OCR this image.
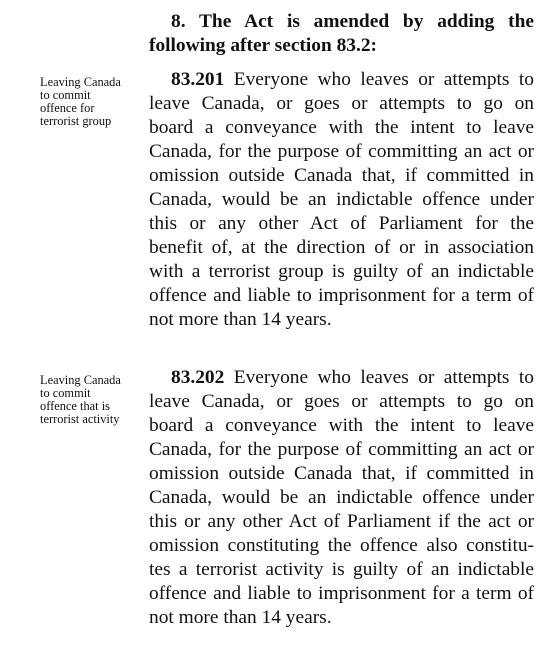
8. The Act is amended by adding the
following after section 83.2:
Leaving Canada
to commit
offence for
terrorist group
83.201 Everyone who leaves or attempts to
leave Canada, or goes or attempts to go on
board a conveyance with the intent to leave
Canada, for the purpose of committing an act or
omission outside Canada that, if committed in
Canada, would be an indictable offence under
this or any other Act of Parliament for the
benefit of, at the direction of or in association
with a terrorist group is guilty of an indictable
offence and liable to imprisonment for a term of
not more than 14 years.
Leaving Canada
to commit
offence that is
terrorist activity
83.202 Everyone who leaves or attempts to
leave Canada, or goes or attempts to go on
board a conveyance with the intent to leave
Canada, for the purpose of committing an act or
omission outside Canada that, if committed in
Canada, would be an indictable offence under
this or any other Act of Parliament if the act or
omission constituting the offence also constitu-
tes a terrorist activity is guilty of an indictable
offence and liable to imprisonment for a term of
not more than 14 years.
